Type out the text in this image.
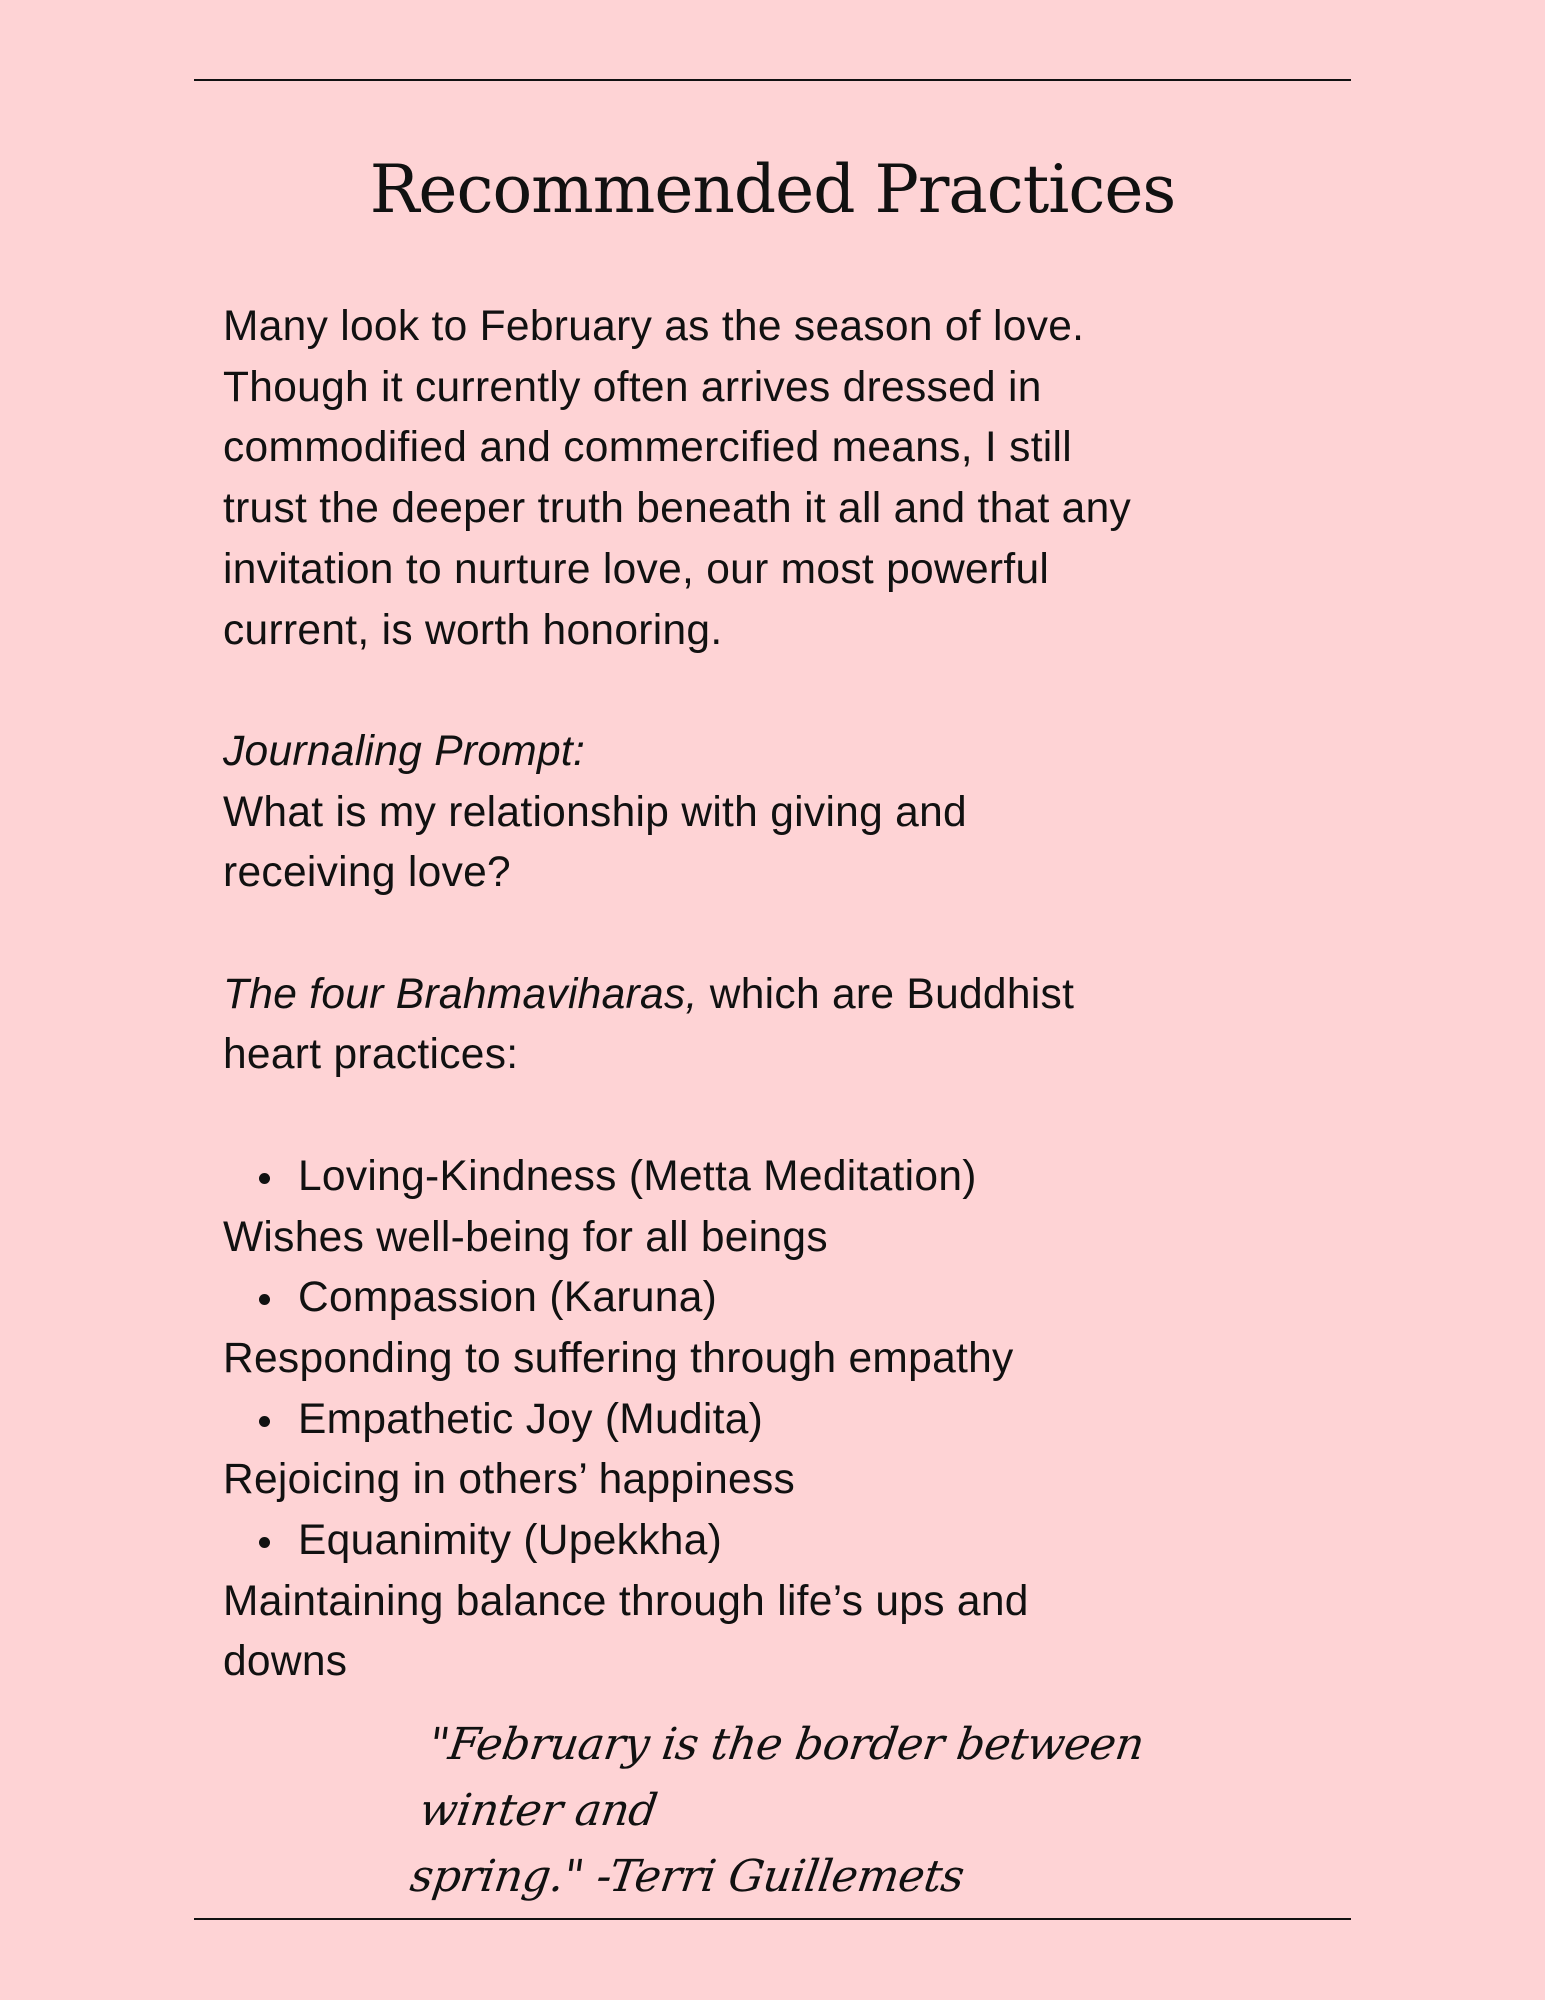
Recommended Practices
Many look to February as the season of love.
Though it currently often arrives dressed in
commodified and commercified means, I still
trust the deeper truth beneath it all and that any
invitation to nurture love, our most powerful
current, is worth honoring.
Journaling Prompt:
What is my relationship with giving and
receiving love?
The four Brahmaviharas, which are Buddhist
heart practices:
Loving-Kindness (Metta Meditation)
Wishes well-being for all beings
Compassion (Karuna)
Responding to suffering through empathy
Empathetic Joy (Mudita)
Rejoicing in others’ happiness
Equanimity (Upekkha)
Maintaining balance through life’s ups and
downs
"February is the border between winter and
spring." -Terri Guillemets
